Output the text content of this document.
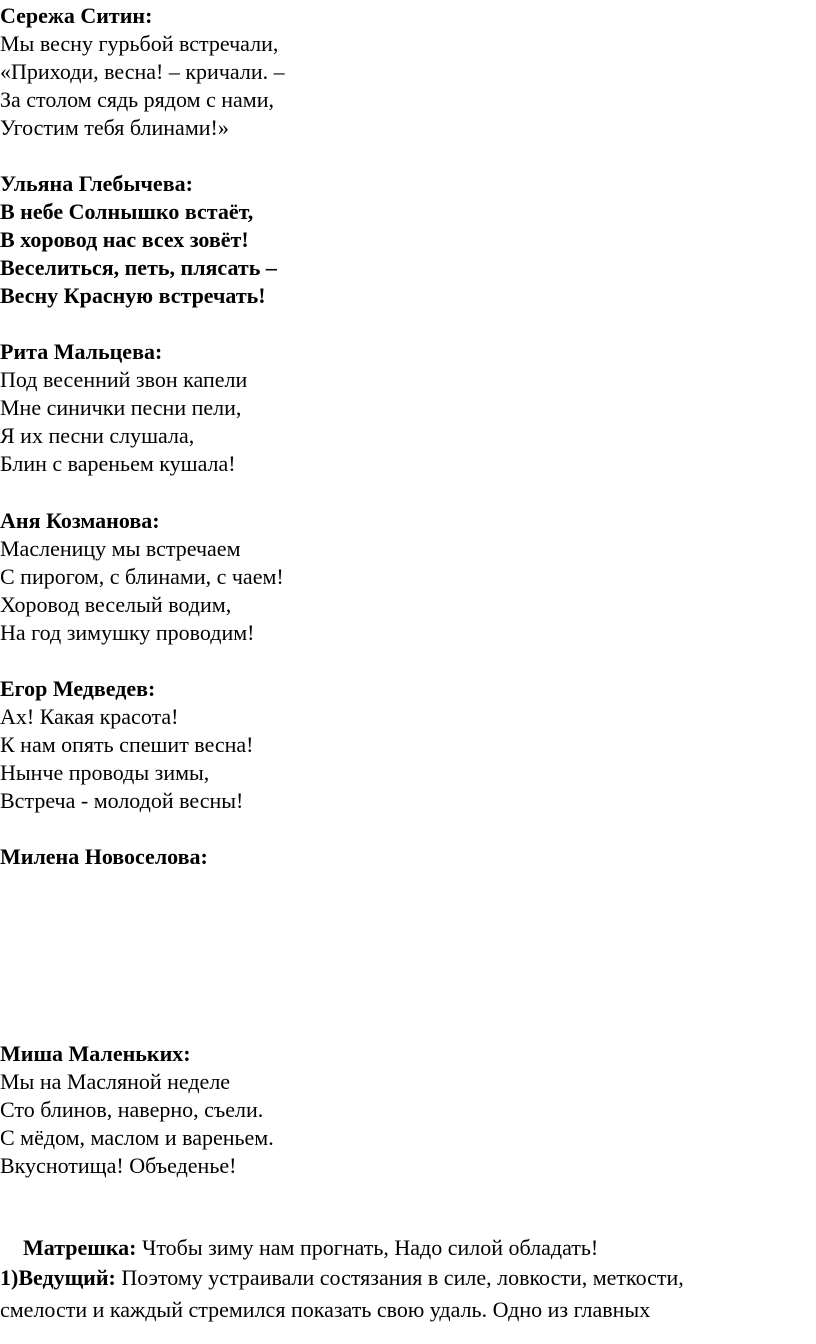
Сережа Ситин:
Мы весну гурьбой встречали,
«Приходи, весна! – кричали. –
За столом сядь рядом с нами,
Угостим тебя блинами!»
Ульяна Глебычева:
В небе Солнышко встаёт,
В хоровод нас всех зовёт!
Веселиться, петь, плясать –
Весну Красную встречать!
Рита Мальцева:
Под весенний звон капели
Мне синички песни пели,
Я их песни слушала,
Блин с вареньем кушала!
Аня Козманова:
Масленицу мы встречаем
С пирогом, с блинами, с чаем!
Хоровод веселый водим,
На год зимушку проводим!
Егор Медведев:
Ах! Какая красота!
К нам опять спешит весна!
Нынче проводы зимы,
Встреча - молодой весны!
Милена Новоселова:
Миша Маленьких:
Мы на Масляной неделе
Сто блинов, наверно, съели.
С мёдом, маслом и вареньем.
Вкуснотища! Объеденье!
Матрешка: Чтобы зиму нам прогнать, Надо силой обладать!
1)Ведущий: Поэтому устраивали состязания в силе, ловкости, меткости,
смелости и каждый стремился показать свою удаль. Одно из главных
